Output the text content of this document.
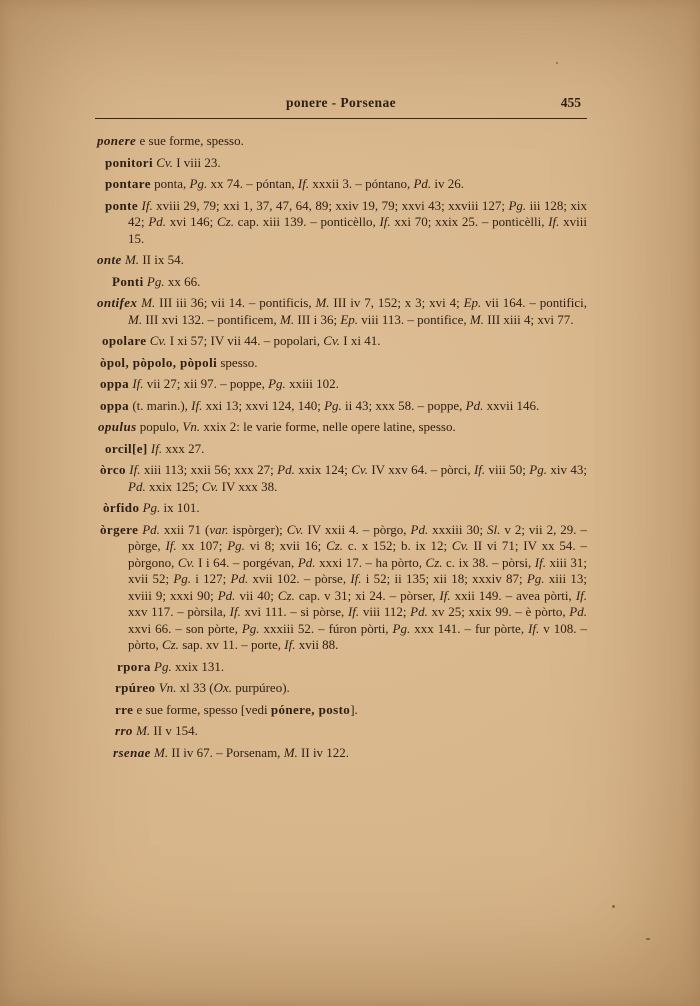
ponere - Porsenae	455

ponere e sue forme, spesso.

ponitori Cv. I viii 23.

pontare ponta, Pg. xx 74. – póntan, If. xxxii 3. – póntano, Pd. iv 26.

ponte If. xviii 29, 79; xxi 1, 37, 47, 64, 89; xxiv 19, 79; xxvi 43; xxviii 127; Pg. iii 128; xix 42; Pd. xvi 146; Cz. cap. xiii 139. – ponticèllo, If. xxi 70; xxix 25. – ponticèlli, If. xviii 15.

onte M. II ix 54.

Ponti Pg. xx 66.

ontifex M. III iii 36; vii 14. – pontificis, M. III iv 7, 152; x 3; xvi 4; Ep. vii 164. – pontifici, M. III xvi 132. – pontificem, M. III i 36; Ep. viii 113. – pontifice, M. III xiii 4; xvi 77.

opolare Cv. I xi 57; IV vii 44. – popolari, Cv. I xi 41.

òpol, pòpolo, pòpoli spesso.

oppa If. vii 27; xii 97. – poppe, Pg. xxiii 102.

oppa (t. marin.), If. xxi 13; xxvi 124, 140; Pg. ii 43; xxx 58. – poppe, Pd. xxvii 146.

opulus populo, Vn. xxix 2: le varie forme, nelle opere latine, spesso.

orcil[e] If. xxx 27.

òrco If. xiii 113; xxii 56; xxx 27; Pd. xxix 124; Cv. IV xxv 64. – pòrci, If. viii 50; Pg. xiv 43; Pd. xxix 125; Cv. IV xxx 38.

òrfido Pg. ix 101.

òrgere Pd. xxii 71 (var. ispòrger); Cv. IV xxii 4. – pòrgo, Pd. xxxiii 30; Sl. v 2; vii 2, 29. – pòrge, If. xx 107; Pg. vi 8; xvii 16; Cz. c. x 152; b. ix 12; Cv. II vi 71; IV xx 54. – pòrgono, Cv. I i 64. – porgévan, Pd. xxxi 17. – ha pòrto, Cz. c. ix 38. – pòrsi, If. xiii 31; xvii 52; Pg. i 127; Pd. xvii 102. – pòrse, If. i 52; ii 135; xii 18; xxxiv 87; Pg. xiii 13; xviii 9; xxxi 90; Pd. vii 40; Cz. cap. v 31; xi 24. – pòrser, If. xxii 149. – avea pòrti, If. xxv 117. – pòrsila, If. xvi 111. – si pòrse, If. viii 112; Pd. xv 25; xxix 99. – è pòrto, Pd. xxvi 66. – son pòrte, Pg. xxxiii 52. – fúron pòrti, Pg. xxx 141. – fur pòrte, If. v 108. – pòrto, Cz. sap. xv 11. – porte, If. xvii 88.

rpora Pg. xxix 131.

rpúreo Vn. xl 33 (Ox. purpúreo).

rre e sue forme, spesso [vedi pónere, posto].

rro M. II v 154.

rsenae M. II iv 67. – Porsenam, M. II iv 122.
